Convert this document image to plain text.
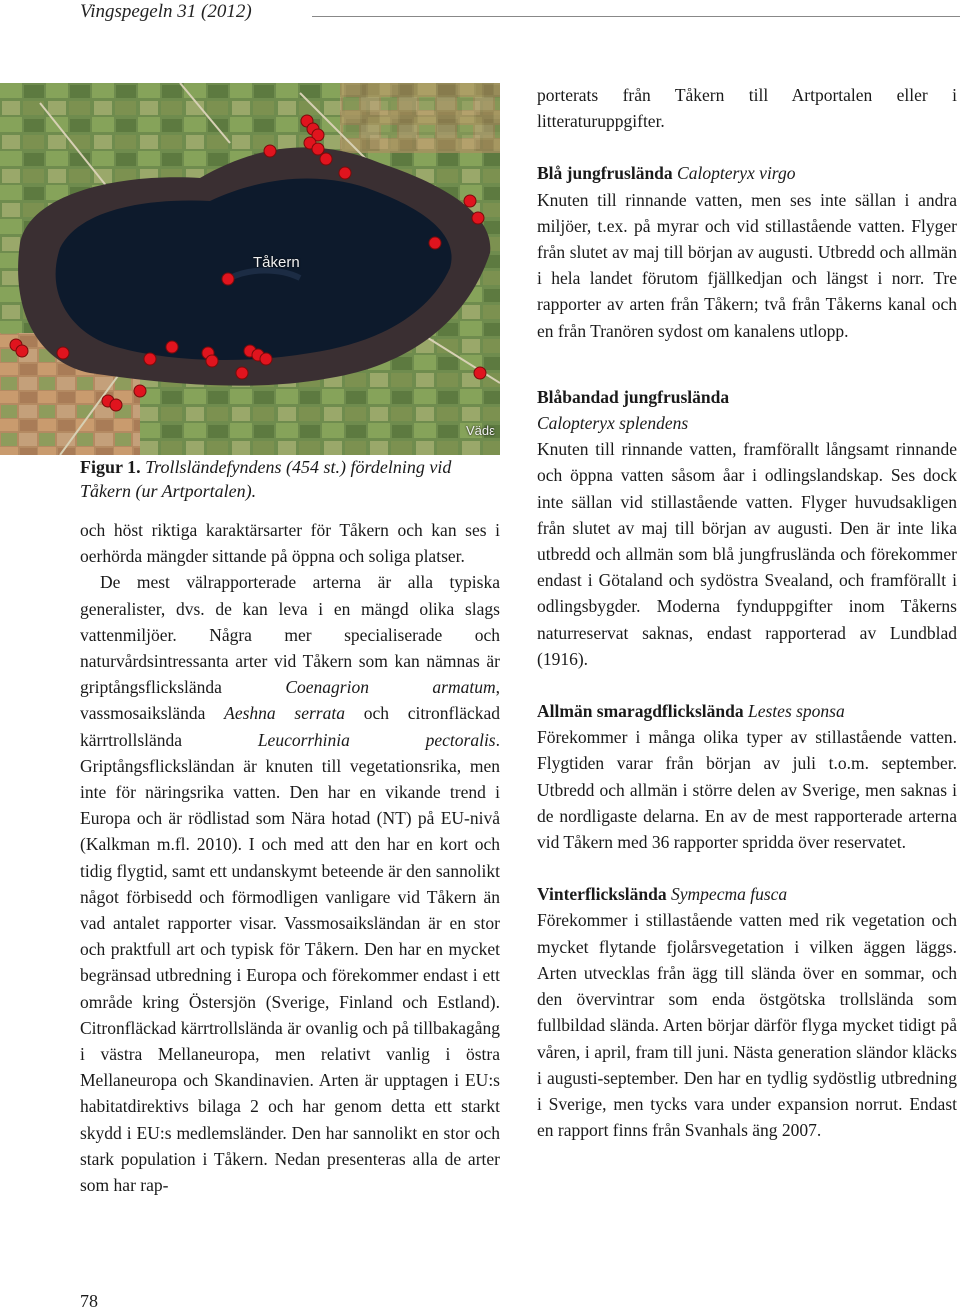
Vingspegeln 31 (2012)
Tåkern
Vädε
Figur 1. Trollsländefyndens (454 st.) fördelning vid Tåkern (ur Artportalen).

och höst riktiga karaktärsarter för Tåkern och kan ses i oerhörda mängder sittande på öppna och soliga platser.

De mest välrapporterade arterna är alla typiska generalister, dvs. de kan leva i en mängd olika slags vattenmiljöer. Några mer specialiserade och naturvårdsintressanta arter vid Tåkern som kan nämnas är griptångsflickslända Coenagrion armatum, vassmosaikslända Aeshna serrata och citronfläckad kärrtrollslända Leucorrhinia pectoralis. Griptångsflicksländan är knuten till vegetationsrika, men inte för näringsrika vatten. Den har en vikande trend i Europa och är rödlistad som Nära hotad (NT) på EU-nivå (Kalkman m.fl. 2010). I och med att den har en kort och tidig flygtid, samt ett undanskymt beteende är den sannolikt något förbisedd och förmodligen vanligare vid Tåkern än vad antalet rapporter visar. Vassmosaiksländan är en stor och praktfull art och typisk för Tåkern. Den har en mycket begränsad utbredning i Europa och förekommer endast i ett område kring Östersjön (Sverige, Finland och Estland). Citronfläckad kärrtrollslända är ovanlig och på tillbakagång i västra Mellaneuropa, men relativt vanlig i östra Mellaneuropa och Skandinavien. Arten är upptagen i EU:s habitatdirektivs bilaga 2 och har genom detta ett starkt skydd i EU:s medlemsländer. Den har sannolikt en stor och stark population i Tåkern. Nedan presenteras alla de arter som har rap-

porterats från Tåkern till Artportalen eller i litteraturuppgifter.

Blå jungfruslända Calopteryx virgo

Knuten till rinnande vatten, men ses inte sällan i andra miljöer, t.ex. på myrar och vid stillastående vatten. Flyger från slutet av maj till början av augusti. Utbredd och allmän i hela landet förutom fjällkedjan och längst i norr. Tre rapporter av arten från Tåkern; två från Tåkerns kanal och en från Tranören sydost om kanalens utlopp.

Blåbandad jungfruslända

Calopteryx splendens

Knuten till rinnande vatten, framförallt långsamt rinnande och öppna vatten såsom åar i odlingslandskap. Ses dock inte sällan vid stillastående vatten. Flyger huvudsakligen från slutet av maj till början av augusti. Den är inte lika utbredd och allmän som blå jungfruslända och förekommer endast i Götaland och sydöstra Svealand, och framförallt i odlingsbygder. Moderna fynduppgifter inom Tåkerns naturreservat saknas, endast rapporterad av Lundblad (1916).

Allmän smaragdflickslända Lestes sponsa

Förekommer i många olika typer av stillastående vatten. Flygtiden varar från början av juli t.o.m. september. Utbredd och allmän i större delen av Sverige, men saknas i de nordligaste delarna. En av de mest rapporterade arterna vid Tåkern med 36 rapporter spridda över reservatet.

Vinterflickslända Sympecma fusca

Förekommer i stillastående vatten med rik vegetation och mycket flytande fjolårsvegetation i vilken äggen läggs. Arten utvecklas från ägg till slända över en sommar, och den övervintrar som enda östgötska trollslända som fullbildad slända. Arten börjar därför flyga mycket tidigt på våren, i april, fram till juni. Nästa generation sländor kläcks i augusti-september. Den har en tydlig sydöstlig utbredning i Sverige, men tycks vara under expansion norrut. Endast en rapport finns från Svanhals äng 2007.

78
